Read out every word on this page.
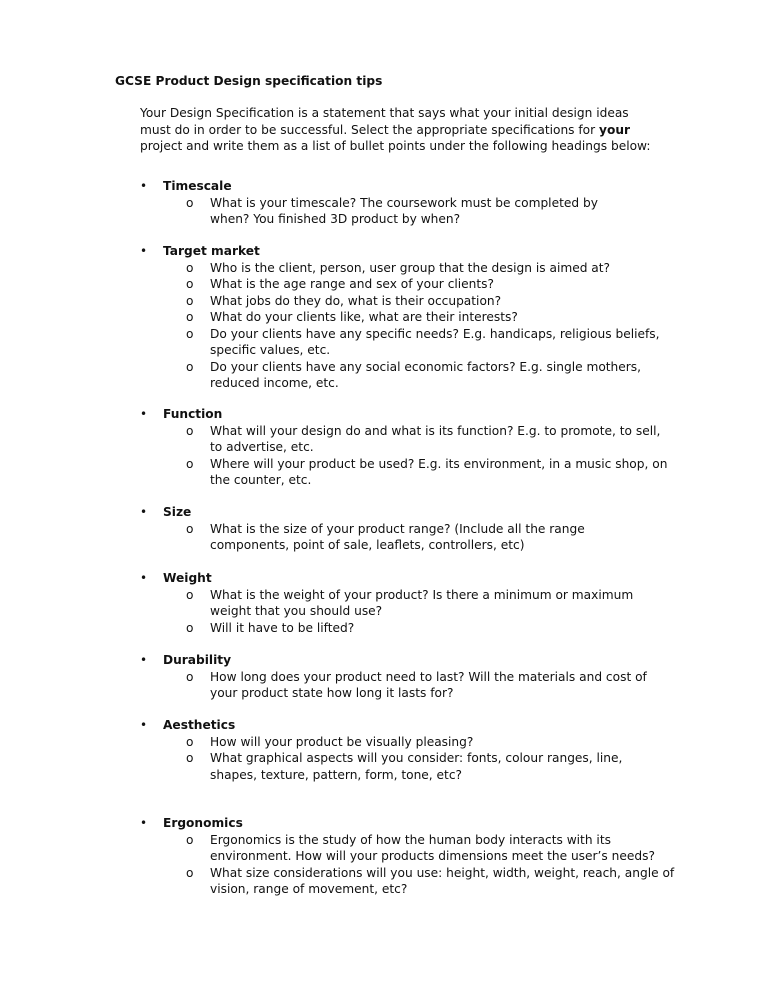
GCSE Product Design specification tips

Your Design Specification is a statement that says what your initial design ideas must do in order to be successful. Select the appropriate specifications for your project and write them as a list of bullet points under the following headings below:

• Timescale
o What is your timescale? The coursework must be completed by when? You finished 3D product by when?
• Target market
o Who is the client, person, user group that the design is aimed at?
o What is the age range and sex of your clients?
o What jobs do they do, what is their occupation?
o What do your clients like, what are their interests?
o Do your clients have any specific needs? E.g. handicaps, religious beliefs, specific values, etc.
o Do your clients have any social economic factors? E.g. single mothers, reduced income, etc.
• Function
o What will your design do and what is its function? E.g. to promote, to sell, to advertise, etc.
o Where will your product be used? E.g. its environment, in a music shop, on the counter, etc.
• Size
o What is the size of your product range? (Include all the range components, point of sale, leaflets, controllers, etc)
• Weight
o What is the weight of your product? Is there a minimum or maximum weight that you should use?
o Will it have to be lifted?
• Durability
o How long does your product need to last? Will the materials and cost of your product state how long it lasts for?
• Aesthetics
o How will your product be visually pleasing?
o What graphical aspects will you consider: fonts, colour ranges, line, shapes, texture, pattern, form, tone, etc?
• Ergonomics
o Ergonomics is the study of how the human body interacts with its environment. How will your products dimensions meet the user’s needs?
o What size considerations will you use: height, width, weight, reach, angle of vision, range of movement, etc?
